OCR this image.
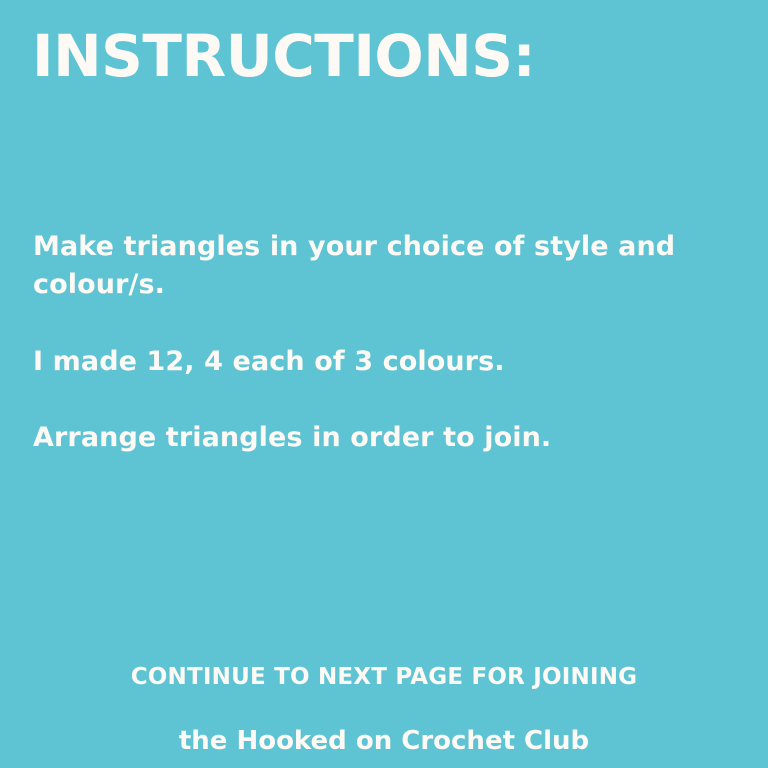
INSTRUCTIONS:

Make triangles in your choice of style and colour/s.

I made 12, 4 each of 3 colours.

Arrange triangles in order to join.

CONTINUE TO NEXT PAGE FOR JOINING
the Hooked on Crochet Club
